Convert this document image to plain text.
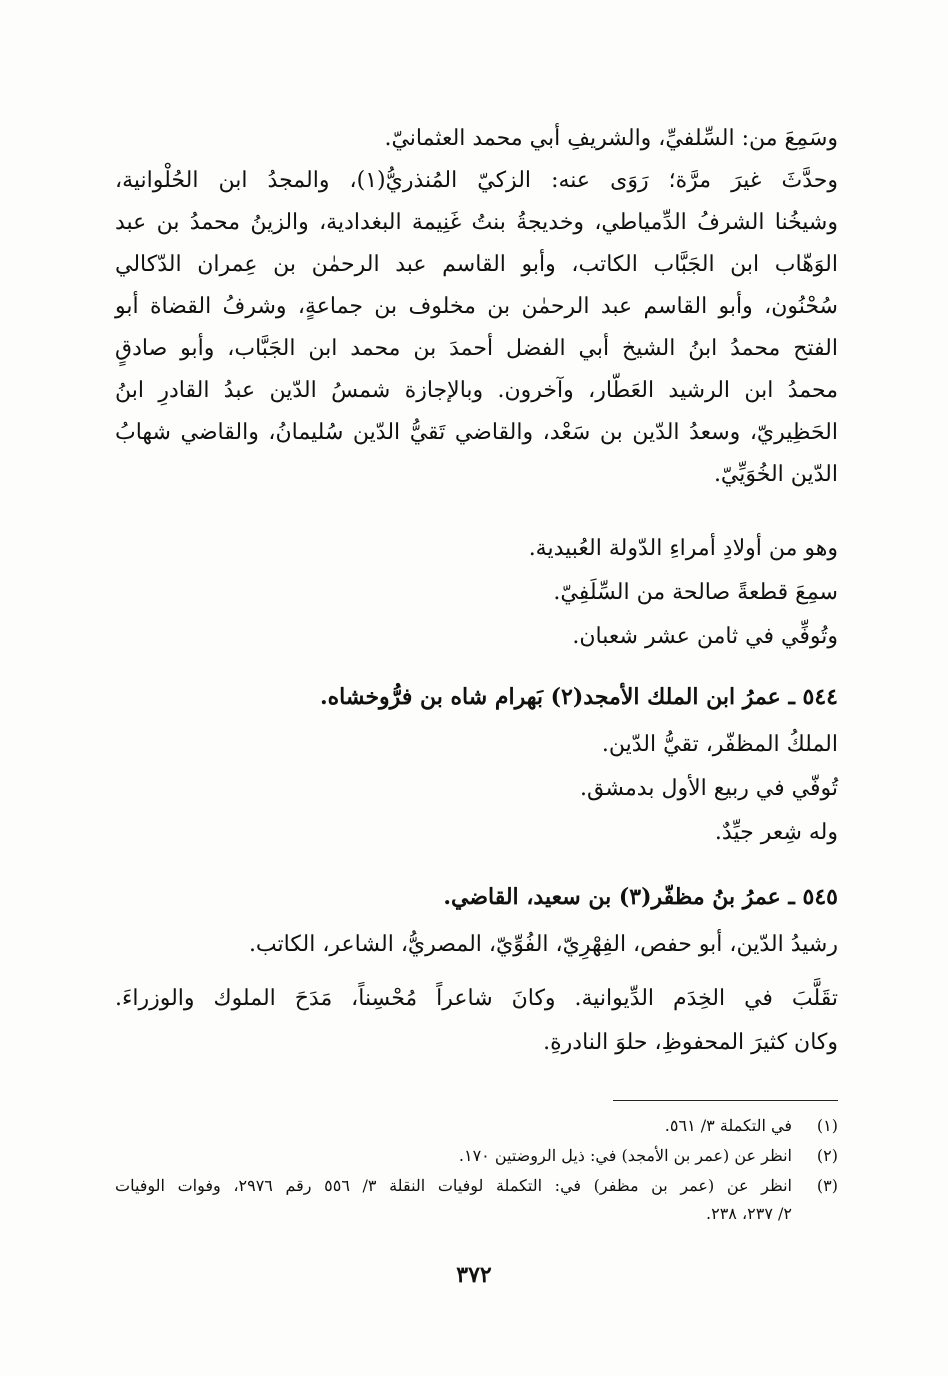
وسَمِعَ من: السِّلفيِّ، والشريفِ أبي محمد العثمانيّ.
وحدَّثَ غيرَ مرَّة؛ رَوَى عنه: الزكيّ المُنذريُّ(١)، والمجدُ ابن الحُلْوانية،
وشيخُنا الشرفُ الدِّمياطي، وخديجةُ بنتُ غَنِيمة البغدادية، والزينُ محمدُ بن عبد
الوَهّاب ابن الجَبَّاب الكاتب، وأبو القاسم عبد الرحمٰن بن عِمران الدّكالي
سُحْنُون، وأبو القاسم عبد الرحمٰن بن مخلوف بن جماعةٍ، وشرفُ القضاة أبو
الفتح محمدُ ابنُ الشيخ أبي الفضل أحمدَ بن محمد ابن الجَبَّاب، وأبو صادقٍ
محمدُ ابن الرشيد العَطّار، وآخرون. وبالإجازة شمسُ الدّين عبدُ القادرِ ابنُ
الحَظِيريّ، وسعدُ الدّين بن سَعْد، والقاضي تَقيُّ الدّين سُليمانُ، والقاضي شهابُ
الدّين الخُوَيِّيّ.
وهو من أولادِ أمراءِ الدّولة العُبيدية.
سمِعَ قطعةً صالحة من السِّلَفِيّ.
وتُوفِّي في ثامن عشر شعبان.
٥٤٤ ـ عمرُ ابن الملك الأمجد(٢) بَهرام شاه بن فرُّوخشاه.
الملكُ المظفّر، تقيُّ الدّين.
تُوفّي في ربيع الأول بدمشق.
وله شِعر جيِّدٌ.
٥٤٥ ـ عمرُ بنُ مظفّر(٣) بن سعيد، القاضي.
رشيدُ الدّين، أبو حفص، الفِهْرِيّ، الفُوِّيّ، المصريُّ، الشاعر، الكاتب.
تقَلَّبَ في الخِدَم الدِّيوانية. وكانَ شاعراً مُحْسِناً، مَدَحَ الملوك والوزراءَ.
وكان كثيرَ المحفوظِ، حلوَ النادرةِ.
(١)في التكملة ٣/ ٥٦١.
(٢)انظر عن (عمر بن الأمجد) في: ذيل الروضتين ١٧٠.
(٣)انظر عن (عمر بن مظفر) في: التكملة لوفيات النقلة ٣/ ٥٥٦ رقم ٢٩٧٦، وفوات الوفيات
٢/ ٢٣٧، ٢٣٨.
٣٧٢
